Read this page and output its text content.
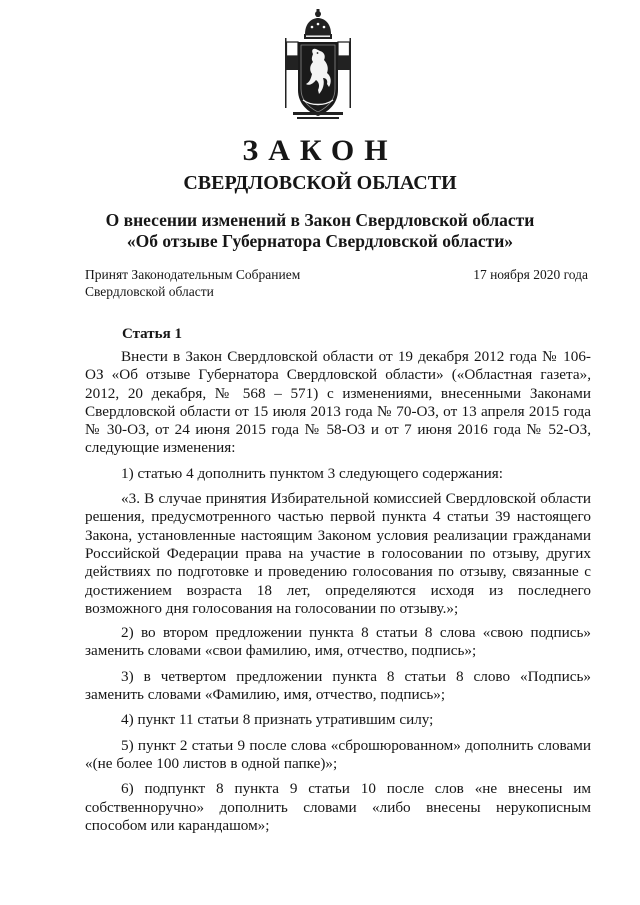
ЗАКОН
СВЕРДЛОВСКОЙ ОБЛАСТИ
О внесении изменений в Закон Свердловской области
«Об отзыве Губернатора Свердловской области»
Принят Законодательным Собранием
Свердловской области
17 ноября 2020 года
Статья 1

Внести в Закон Свердловской области от 19 декабря 2012 года № 106-ОЗ «Об отзыве Губернатора Свердловской области» («Областная газета», 2012, 20 декабря, № 568 – 571) с изменениями, внесенными Законами Свердловской области от 15 июля 2013 года № 70-ОЗ, от 13 апреля 2015 года № 30-ОЗ, от 24 июня 2015 года № 58-ОЗ и от 7 июня 2016 года № 52-ОЗ, следующие изменения:

1) статью 4 дополнить пунктом 3 следующего содержания:

«3. В случае принятия Избирательной комиссией Свердловской области решения, предусмотренного частью первой пункта 4 статьи 39 настоящего Закона, установленные настоящим Законом условия реализации гражданами Российской Федерации права на участие в голосовании по отзыву, других действиях по подготовке и проведению голосования по отзыву, связанные с достижением возраста 18 лет, определяются исходя из последнего возможного дня голосования на голосовании по отзыву.»;

2) во втором предложении пункта 8 статьи 8 слова «свою подпись» заменить словами «свои фамилию, имя, отчество, подпись»;

3) в четвертом предложении пункта 8 статьи 8 слово «Подпись» заменить словами «Фамилию, имя, отчество, подпись»;

4) пункт 11 статьи 8 признать утратившим силу;

5) пункт 2 статьи 9 после слова «сброшюрованном» дополнить словами «(не более 100 листов в одной папке)»;

6) подпункт 8 пункта 9 статьи 10 после слов «не внесены им собственноручно» дополнить словами «либо внесены нерукописным способом или карандашом»;
